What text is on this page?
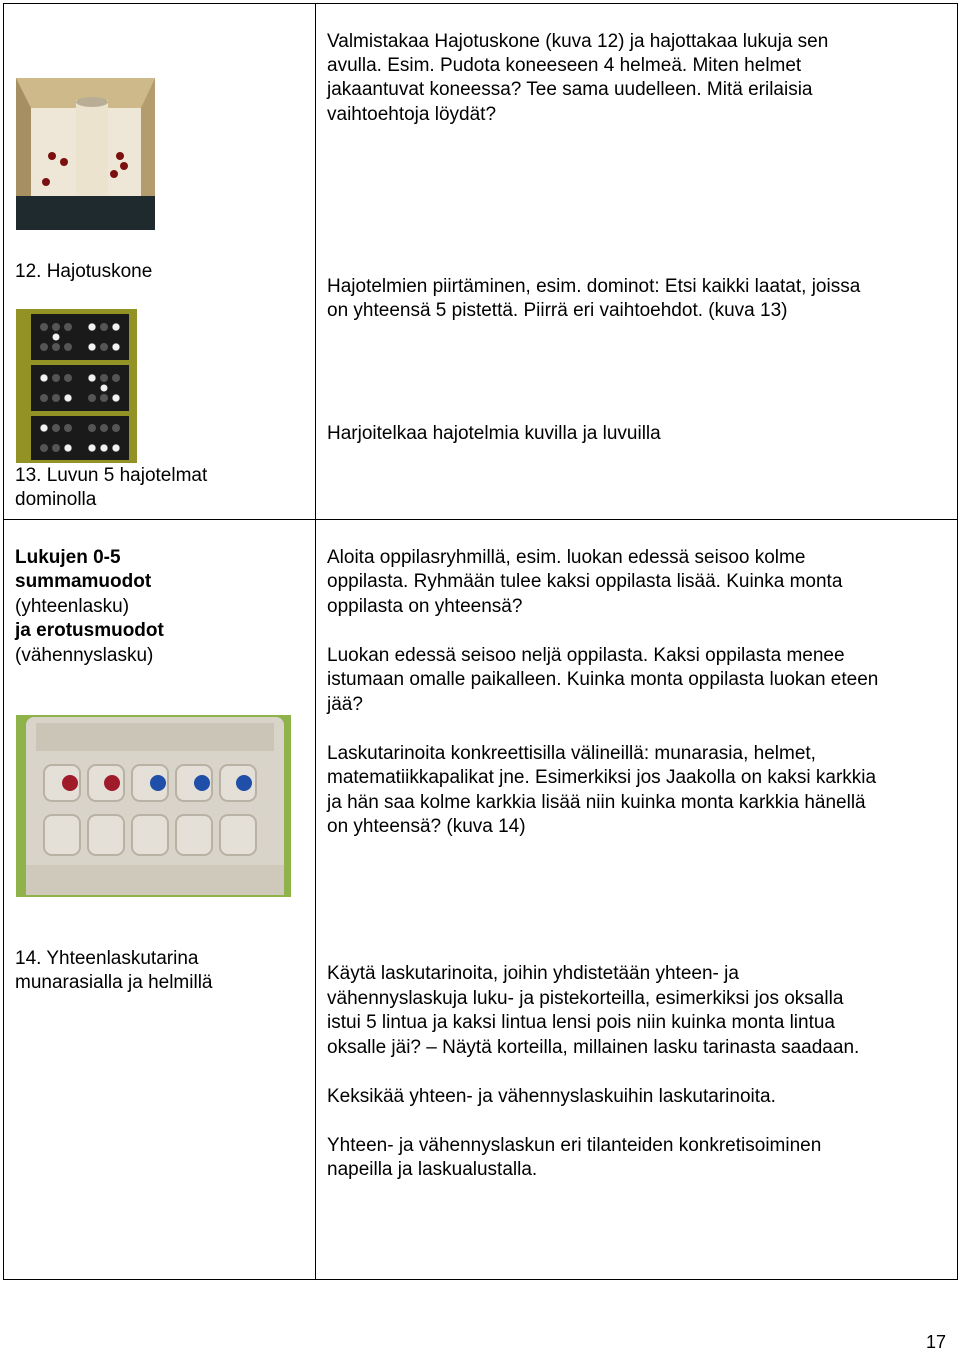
12. Hajotuskone

13. Luvun 5 hajotelmat

dominolla

Lukujen 0-5

summamuodot

(yhteenlasku)

ja erotusmuodot

(vähennyslasku)

14. Yhteenlaskutarina

munarasialla ja helmillä

Valmistakaa Hajotuskone (kuva 12) ja hajottakaa lukuja sen

avulla. Esim. Pudota koneeseen 4 helmeä. Miten helmet

jakaantuvat koneessa? Tee sama uudelleen. Mitä erilaisia

vaihtoehtoja löydät?

Hajotelmien piirtäminen, esim. dominot: Etsi kaikki laatat, joissa

on yhteensä 5 pistettä. Piirrä eri vaihtoehdot. (kuva 13)

Harjoitelkaa hajotelmia kuvilla ja luvuilla

Aloita oppilasryhmillä, esim. luokan edessä seisoo kolme

oppilasta. Ryhmään tulee kaksi oppilasta lisää. Kuinka monta

oppilasta on yhteensä?

Luokan edessä seisoo neljä oppilasta. Kaksi oppilasta menee

istumaan omalle paikalleen. Kuinka monta oppilasta luokan eteen

jää?

Laskutarinoita konkreettisilla välineillä: munarasia, helmet,

matematiikkapalikat jne. Esimerkiksi jos Jaakolla on kaksi karkkia

ja hän saa kolme karkkia lisää niin kuinka monta karkkia hänellä

on yhteensä? (kuva 14)

Käytä laskutarinoita, joihin yhdistetään yhteen- ja

vähennyslaskuja luku- ja pistekorteilla, esimerkiksi jos oksalla

istui 5 lintua ja kaksi lintua lensi pois niin kuinka monta lintua

oksalle jäi? – Näytä korteilla, millainen lasku tarinasta saadaan.

Keksikää yhteen- ja vähennyslaskuihin laskutarinoita.

Yhteen- ja vähennyslaskun eri tilanteiden konkretisoiminen

napeilla ja laskualustalla.

17
